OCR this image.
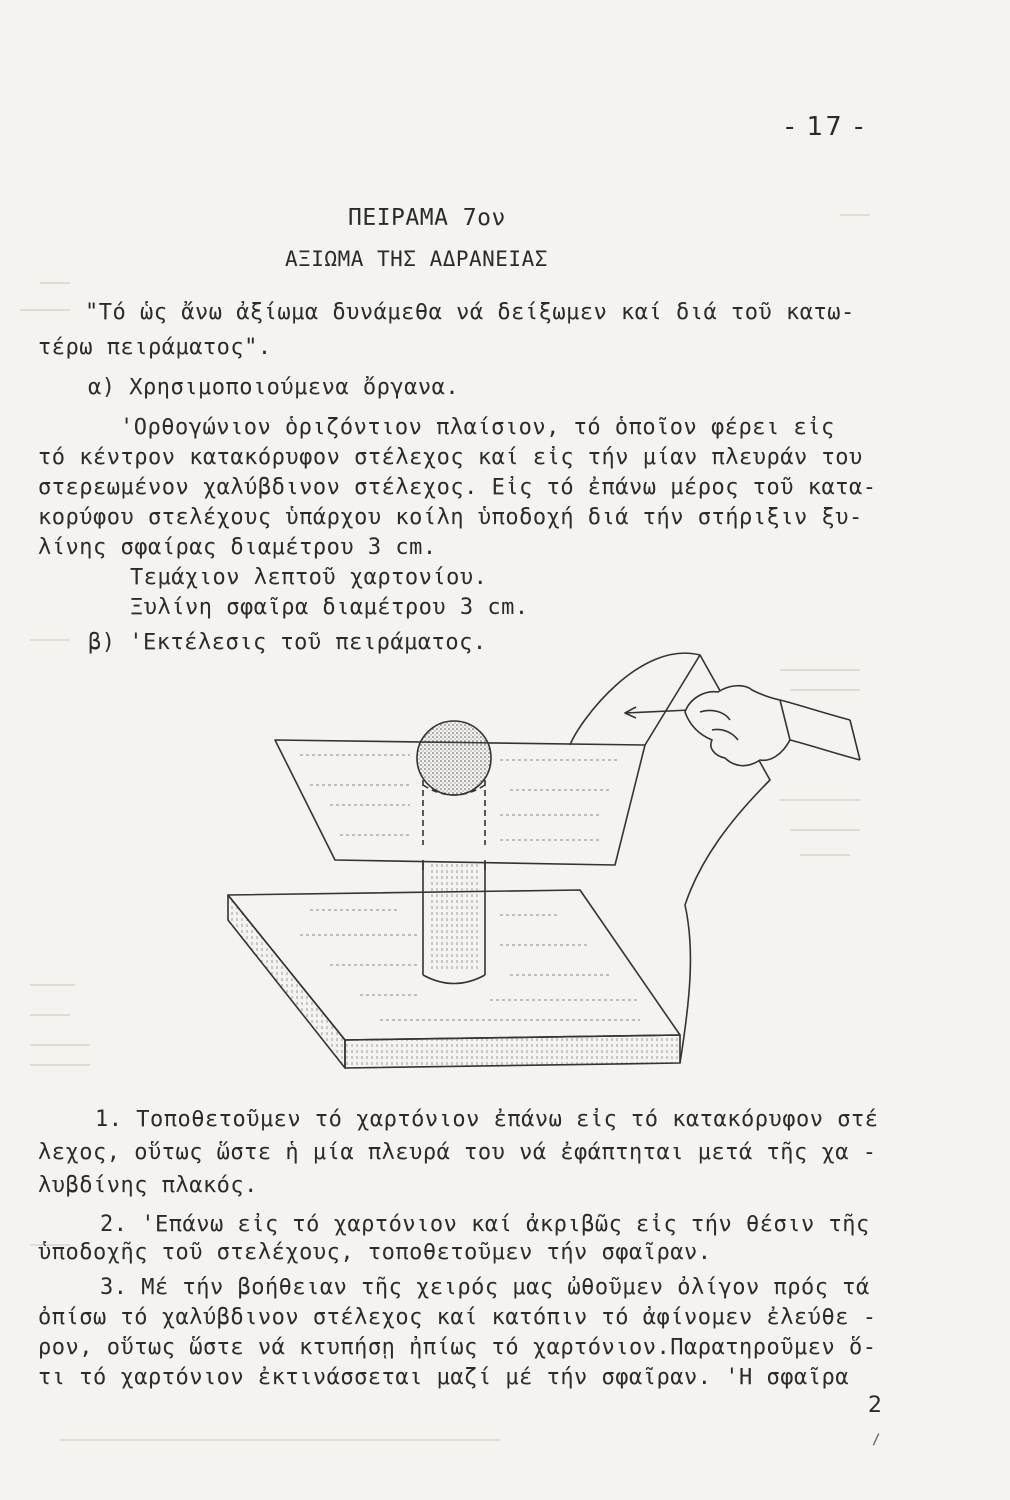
- 17 -
ΠΕΙΡΑΜΑ 7ον
ΑΞΙΩΜΑ ΤΗΣ ΑΔΡΑΝΕΙΑΣ
"Τό ὡς ἄνω ἀξίωμα δυνάμεθα νά δείξωμεν καί διά τοῦ κατω-
τέρω πειράματος".
α) Χρησιμοποιούμενα ὄργανα.
'Ορθογώνιον ὁριζόντιον πλαίσιον, τό ὁποῖον φέρει εἰς
τό κέντρον κατακόρυφον στέλεχος καί εἰς τήν μίαν πλευράν του
στερεωμένον χαλύβδινον στέλεχος. Εἰς τό ἐπάνω μέρος τοῦ κατα-
κορύφου στελέχους ὑπάρχου κοίλη ὑποδοχή διά τήν στήριξιν ξυ-
λίνης σφαίρας διαμέτρου 3 cm.
Τεμάχιον λεπτοῦ χαρτονίου.
Ξυλίνη σφαῖρα διαμέτρου 3 cm.
β) 'Εκτέλεσις τοῦ πειράματος.
1. Τοποθετοῦμεν τό χαρτόνιον ἐπάνω εἰς τό κατακόρυφον στέ
λεχος, οὕτως ὥστε ἡ μία πλευρά του νά ἐφάπτηται μετά τῆς χα -
λυβδίνης πλακός.
2. 'Επάνω εἰς τό χαρτόνιον καί ἀκριβῶς εἰς τήν θέσιν τῆς
ὑποδοχῆς τοῦ στελέχους, τοποθετοῦμεν τήν σφαῖραν.
3. Μέ τήν βοήθειαν τῆς χειρός μας ὠθοῦμεν ὀλίγον πρός τά
ὀπίσω τό χαλύβδινον στέλεχος καί κατόπιν τό ἀφίνομεν ἐλεύθε -
ρον, οὕτως ὥστε νά κτυπήσῃ ἠπίως τό χαρτόνιον.Παρατηροῦμεν ὅ-
τι τό χαρτόνιον ἐκτινάσσεται μαζί μέ τήν σφαῖραν. 'Η σφαῖρα
2
/
